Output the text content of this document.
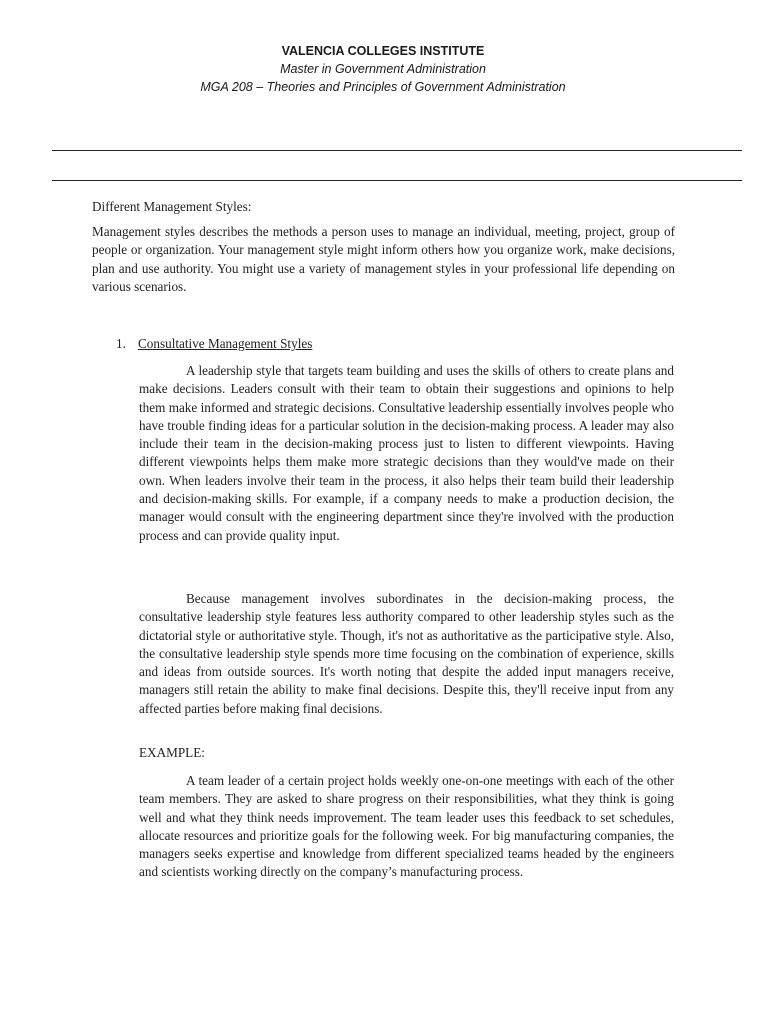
VALENCIA COLLEGES INSTITUTE
Master in Government Administration
MGA 208 – Theories and Principles of Government Administration
Different Management Styles:

Management styles describes the methods a person uses to manage an individual, meeting, project, group of people or organization. Your management style might inform others how you organize work, make decisions, plan and use authority. You might use a variety of management styles in your professional life depending on various scenarios.

1. Consultative Management Styles

A leadership style that targets team building and uses the skills of others to create plans and make decisions. Leaders consult with their team to obtain their suggestions and opinions to help them make informed and strategic decisions. Consultative leadership essentially involves people who have trouble finding ideas for a particular solution in the decision-making process. A leader may also include their team in the decision-making process just to listen to different viewpoints. Having different viewpoints helps them make more strategic decisions than they would've made on their own. When leaders involve their team in the process, it also helps their team build their leadership and decision-making skills. For example, if a company needs to make a production decision, the manager would consult with the engineering department since they're involved with the production process and can provide quality input.

Because management involves subordinates in the decision-making process, the consultative leadership style features less authority compared to other leadership styles such as the dictatorial style or authoritative style. Though, it's not as authoritative as the participative style. Also, the consultative leadership style spends more time focusing on the combination of experience, skills and ideas from outside sources. It's worth noting that despite the added input managers receive, managers still retain the ability to make final decisions. Despite this, they'll receive input from any affected parties before making final decisions.

EXAMPLE:

A team leader of a certain project holds weekly one-on-one meetings with each of the other team members. They are asked to share progress on their responsibilities, what they think is going well and what they think needs improvement. The team leader uses this feedback to set schedules, allocate resources and prioritize goals for the following week. For big manufacturing companies, the managers seeks expertise and knowledge from different specialized teams headed by the engineers and scientists working directly on the company’s manufacturing process.
